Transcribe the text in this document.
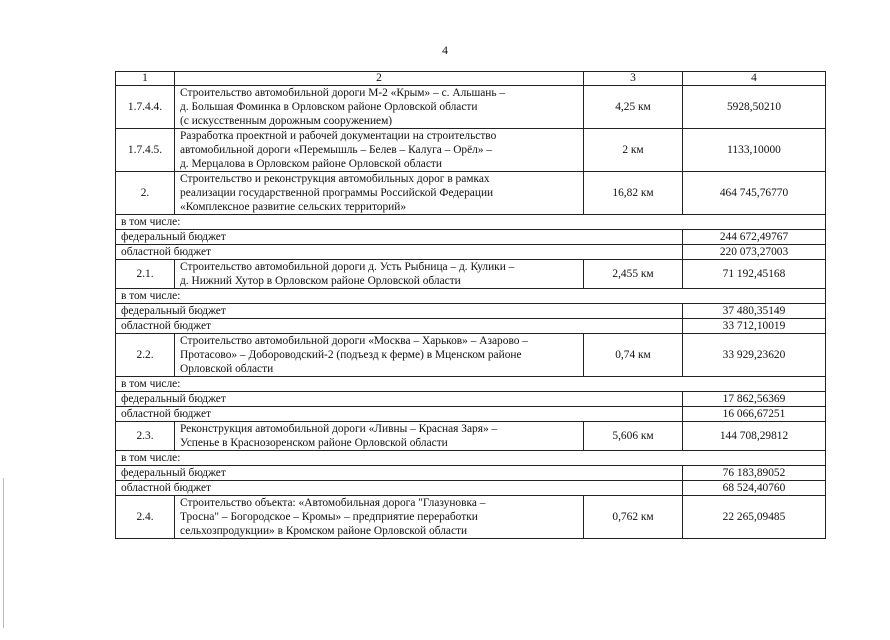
4
1	2	3	4
1.7.4.4.	Строительство автомобильной дороги М-2 «Крым» – с. Альшань –
д. Большая Фоминка в Орловском районе Орловской области
(с искусственным дорожным сооружением)	4,25 км	5928,50210
1.7.4.5.	Разработка проектной и рабочей документации на строительство
автомобильной дороги «Перемышль – Белев – Калуга – Орёл» –
д. Мерцалова в Орловском районе Орловской области	2 км	1133,10000
2.	Строительство и реконструкция автомобильных дорог в рамках
реализации государственной программы Российской Федерации
«Комплексное развитие сельских территорий»	16,82 км	464 745,76770
в том числе:			
федеральный бюджет			244 672,49767
областной бюджет			220 073,27003
2.1.	Строительство автомобильной дороги д. Усть Рыбница – д. Кулики –
д. Нижний Хутор в Орловском районе Орловской области	2,455 км	71 192,45168
в том числе:			
федеральный бюджет			37 480,35149
областной бюджет			33 712,10019
2.2.	Строительство автомобильной дороги «Москва – Харьков» – Азарово –
Протасово» – Добороводский-2 (подъезд к ферме) в Мценском районе
Орловской области	0,74 км	33 929,23620
в том числе:			
федеральный бюджет			17 862,56369
областной бюджет			16 066,67251
2.3.	Реконструкция автомобильной дороги «Ливны – Красная Заря» –
Успенье в Краснозоренском районе Орловской области	5,606 км	144 708,29812
в том числе:			
федеральный бюджет			76 183,89052
областной бюджет			68 524,40760
2.4.	Строительство объекта: «Автомобильная дорога "Глазуновка –
Тросна" – Богородское – Кромы» – предприятие переработки
сельхозпродукции» в Кромском районе Орловской области	0,762 км	22 265,09485
